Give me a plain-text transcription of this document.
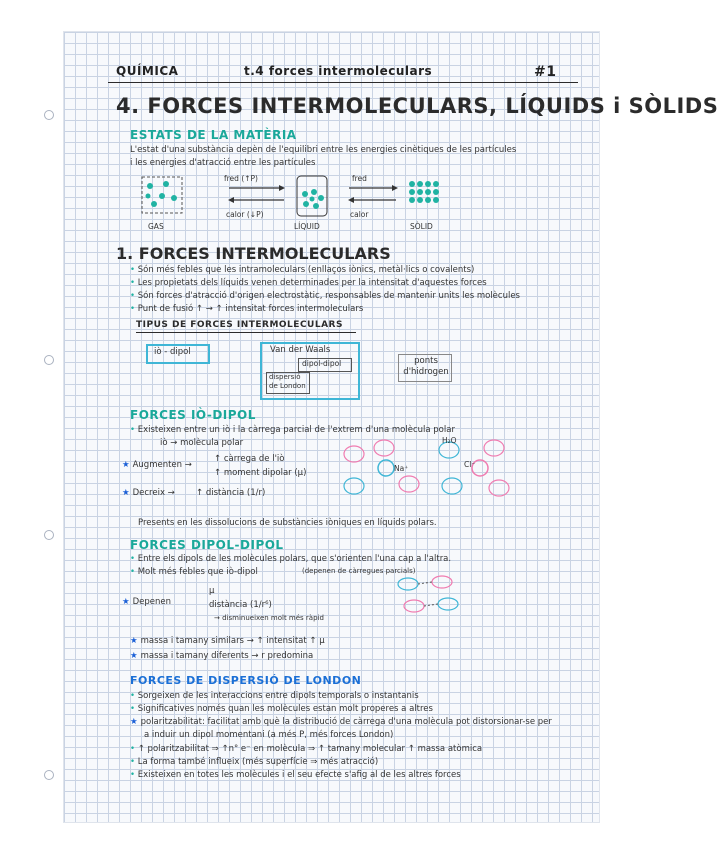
QUÍMICA	t.4 forces intermoleculars	#1
4. FORCES INTERMOLECULARS, LÍQUIDS i SÒLIDS
ESTATS DE LA MATÈRIA
L'estat d'una substància depèn de l'equilibri entre les energies cinètiques de les partícules
i les energies d'atracció entre les partícules
fred (↑P)
calor (↓P)
fred
calor
GAS	LÍQUID	SÒLID
1. FORCES INTERMOLECULARS
• Són més febles que les intramoleculars (enllaços iònics, metàl·lics o covalents)
• Les propietats dels líquids venen determinades per la intensitat d'aquestes forces
• Són forces d'atracció d'origen electrostàtic, responsables de mantenir units les molècules
• Punt de fusió ↑ → ↑ intensitat forces intermoleculars
TIPUS DE FORCES INTERMOLECULARS
iò - dipol	Van der Waals
dipol-dipol
dispersió de London
ponts d'hidrogen
FORCES IÒ-DIPOL
• Existeixen entre un iò i la càrrega parcial de l'extrem d'una molècula polar
iò → molècula polar
★ Augmenten →
↑ càrrega de l'iò
↑ moment dipolar (μ)
★ Decreix → ↑ distància (1/r)
Presents en les dissolucions de substàncies iòniques en líquids polars.
H₂O
Na⁺	Cl⁻
FORCES DIPOL-DIPOL
• Entre els dipols de les molècules polars, que s'orienten l'una cap a l'altra.
• Molt més febles que iò-dipol	(depenen de càrregues parcials)
★ Depenen
μ
distància (1/r⁶)
→ disminueixen molt més ràpid
★ massa i tamany similars → ↑ intensitat ↑ μ
★ massa i tamany diferents → r predomina
FORCES DE DISPERSIÓ DE LONDON
• Sorgeixen de les interaccions entre dipols temporals o instantanis
• Significatives només quan les molècules estan molt properes a altres
★ polaritzabilitat: facilitat amb què la distribució de càrrega d'una molècula pot distorsionar-se per
a induir un dipol momentani (a més P, més forces London)
• ↑ polaritzabilitat ⇒ ↑n° e⁻ en molècula ⇒ ↑ tamany molecular ↑ massa atòmica
• La forma també influeix (més superfície ⇒ més atracció)
• Existeixen en totes les molècules i el seu efecte s'afig al de les altres forces
